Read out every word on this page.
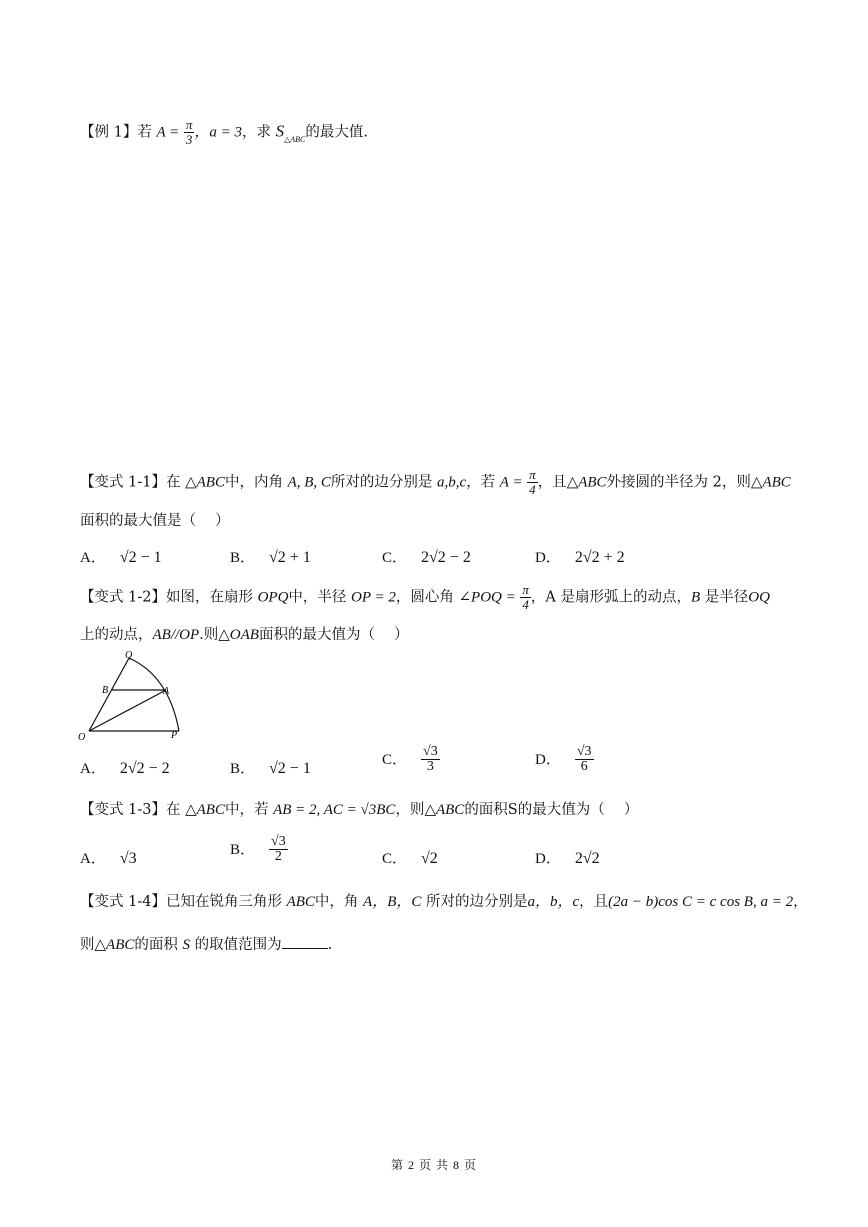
【例 1】若 $A = \frac{\pi}{3}$ ，a = 3，求 $S_{\triangle ABC}$的最大值.
【变式 1-1】在 △ABC中，内角 A, B, C所对的边分别是 a,b,c，若 $A = \frac{\pi}{4}$ ，且△ABC外接圆的半径为 2，则△ABC
面积的最大值是（　 ）
A． √2 − 1	B． √2 + 1	C． 2√2 − 2	D． 2√2 + 2
【变式 1-2】如图，在扇形 OPQ中，半径 OP = 2，圆心角 ∠POQ = $\frac{\pi}{4}$ ，A 是扇形弧上的动点，B 是半径OQ
上的动点，AB//OP.则△OAB面积的最大值为（　 ）
Q
B	A
O	P
A． 2√2 − 2	B． √2 − 1
C． $\frac{√3}{3}$	D． $\frac{√3}{6}$
【变式 1-3】在 △ABC中，若 AB = 2, AC = √3BC，则△ABC的面积S的最大值为（　 ）
A． √3
B． $\frac{√3}{2}$	C． √2	D． 2√2
【变式 1-4】已知在锐角三角形 ABC中，角 A，B，C 所对的边分别是a，b，c，且(2a − b)cos C = c cos B, a = 2，
则△ABC的面积 S 的取值范围为	.
第 2 页 共 8 页
